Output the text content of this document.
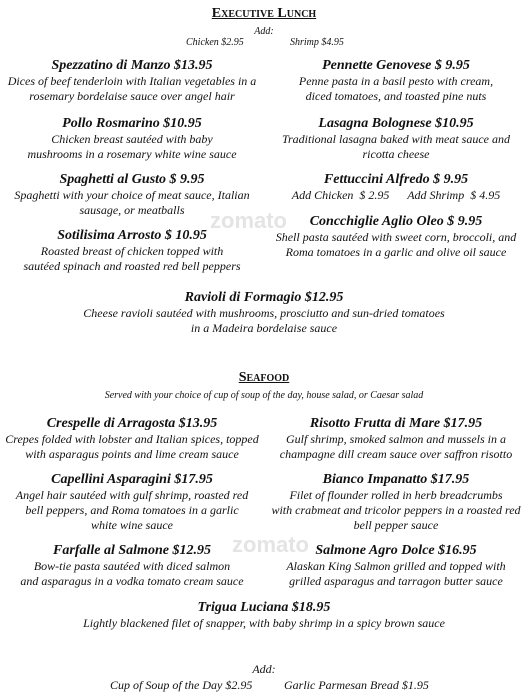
Executive Lunch
Add:
Chicken $2.95	Shrimp $4.95
Spezzatino di Manzo $13.95
Dices of beef tenderloin with Italian vegetables in a
rosemary bordelaise sauce over angel hair
Pollo Rosmarino $10.95
Chicken breast sautéed with baby
mushrooms in a rosemary white wine sauce
Spaghetti al Gusto $ 9.95
Spaghetti with your choice of meat sauce, Italian
sausage, or meatballs
Sotilisima Arrosto $ 10.95
Roasted breast of chicken topped with
sautéed spinach and roasted red bell peppers
Pennette Genovese $ 9.95
Penne pasta in a basil pesto with cream,
diced tomatoes, and toasted pine nuts
Lasagna Bolognese $10.95
Traditional lasagna baked with meat sauce and
ricotta cheese
Fettuccini Alfredo $ 9.95
Add Chicken  $ 2.95      Add Shrimp  $ 4.95
Concchiglie Aglio Oleo $ 9.95
Shell pasta sautéed with sweet corn, broccoli, and
Roma tomatoes in a garlic and olive oil sauce
Ravioli di Formagio $12.95
Cheese ravioli sautéed with mushrooms, prosciutto and sun-dried tomatoes
in a Madeira bordelaise sauce
zomato
Seafood
Served with your choice of cup of soup of the day, house salad, or Caesar salad
Crespelle di Arragosta $13.95
Crepes folded with lobster and Italian spices, topped
with asparagus points and lime cream sauce
Capellini Asparagini $17.95
Angel hair sautéed with gulf shrimp, roasted red
bell peppers, and Roma tomatoes in a garlic
white wine sauce
Farfalle al Salmone $12.95
Bow-tie pasta sautéed with diced salmon
and asparagus in a vodka tomato cream sauce
Risotto Frutta di Mare $17.95
Gulf shrimp, smoked salmon and mussels in a
champagne dill cream sauce over saffron risotto
Bianco Impanatto $17.95
Filet of flounder rolled in herb breadcrumbs
with crabmeat and tricolor peppers in a roasted red
bell pepper sauce
Salmone Agro Dolce $16.95
Alaskan King Salmon grilled and topped with
grilled asparagus and tarragon butter sauce
Trigua Luciana $18.95
Lightly blackened filet of snapper, with baby shrimp in a spicy brown sauce
zomato
Add:
Cup of Soup of the Day $2.95	Garlic Parmesan Bread $1.95
